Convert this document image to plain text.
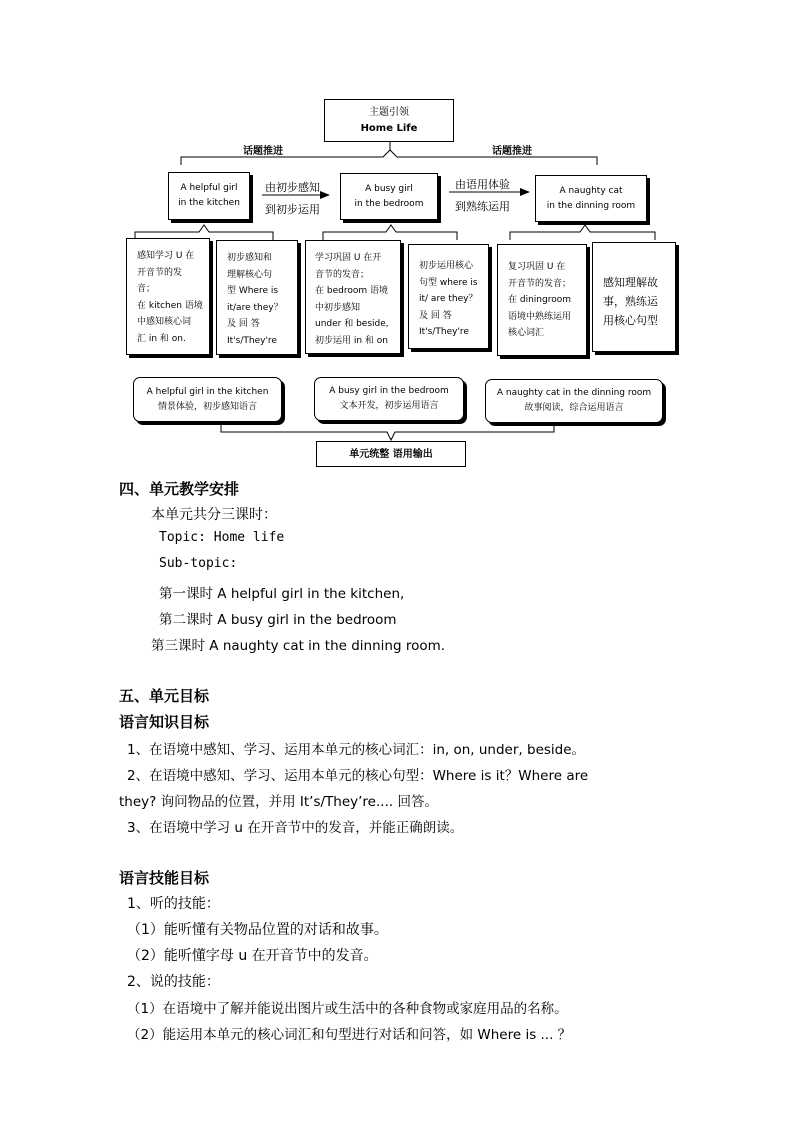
主题引领
Home Life
话题推进	话题推进
A helpful girl
in the kitchen
A busy girl
in the bedroom
A naughty cat
in the dinning room
由初步感知
到初步运用
由语用体验
到熟练运用
感知学习 U 在
开音节的发
音；
在 kitchen 语境
中感知核心词
汇 in 和 on.
初步感知和
理解核心句
型 Where is
it/are they？
及 回 答
It's/They're
学习巩固 U 在开
音节的发音；
在 bedroom 语境
中初步感知
under 和 beside,
初步运用 in 和 on
初步运用核心
句型 where is
it/ are they？
及 回 答
It's/They're
复习巩固 U 在
开音节的发音；
在 diningroom
语境中熟练运用
核心词汇
感知理解故
事，熟练运
用核心句型
A helpful girl in the kitchen
情景体验，初步感知语言
A busy girl in the bedroom
文本开发，初步运用语言
A naughty cat in the dinning room
故事阅读，综合运用语言
单元统整 语用输出
四、单元教学安排
本单元共分三课时：
Topic: Home life
Sub-topic:
第一课时 A helpful girl in the kitchen,
第二课时 A busy girl in the bedroom
第三课时 A naughty cat in the dinning room.
五、单元目标
语言知识目标
1、在语境中感知、学习、运用本单元的核心词汇：in, on, under, beside。
2、在语境中感知、学习、运用本单元的核心句型：Where is it？Where are
they? 询问物品的位置，并用 It’s/They’re.... 回答。
3、在语境中学习 u 在开音节中的发音，并能正确朗读。
语言技能目标
1、听的技能：
（1）能听懂有关物品位置的对话和故事。
（2）能听懂字母 u 在开音节中的发音。
2、说的技能：
（1）在语境中了解并能说出图片或生活中的各种食物或家庭用品的名称。
（2）能运用本单元的核心词汇和句型进行对话和问答，如 Where is ... ？
